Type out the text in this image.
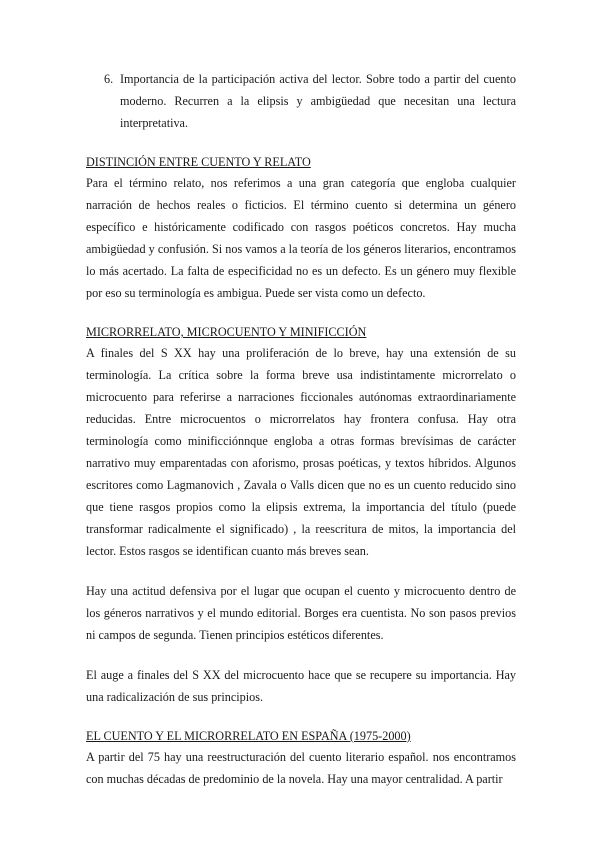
6. Importancia de la participación activa del lector. Sobre todo a partir del cuento moderno. Recurren a la elipsis y ambigüedad que necesitan una lectura interpretativa.
DISTINCIÓN ENTRE CUENTO Y RELATO

Para el término relato, nos referimos a una gran categoría que engloba cualquier narración de hechos reales o ficticios. El término cuento si determina un género específico e históricamente codificado con rasgos poéticos concretos. Hay mucha ambigüedad y confusión. Si nos vamos a la teoría de los géneros literarios, encontramos lo más acertado. La falta de especificidad no es un defecto. Es un género muy flexible por eso su terminología es ambigua. Puede ser vista como un defecto.

MICRORRELATO, MICROCUENTO Y MINIFICCIÓN

A finales del S XX hay una proliferación de lo breve, hay una extensión de su terminología. La crítica sobre la forma breve usa indistintamente microrrelato o microcuento para referirse a narraciones ficcionales autónomas extraordinariamente reducidas. Entre microcuentos o microrrelatos hay frontera confusa. Hay otra terminología como minificciónnque engloba a otras formas brevísimas de carácter narrativo muy emparentadas con aforismo, prosas poéticas, y textos híbridos. Algunos escritores como Lagmanovich , Zavala o Valls dicen que no es un cuento reducido sino que tiene rasgos propios como la elipsis extrema, la importancia del título (puede transformar radicalmente el significado) , la reescritura de mitos, la importancia del lector. Estos rasgos se identifican cuanto más breves sean.

Hay una actitud defensiva por el lugar que ocupan el cuento y microcuento dentro de los géneros narrativos y el mundo editorial. Borges era cuentista. No son pasos previos ni campos de segunda. Tienen principios estéticos diferentes.

El auge a finales del S XX del microcuento hace que se recupere su importancia. Hay una radicalización de sus principios.

EL CUENTO Y EL MICRORRELATO EN ESPAÑA (1975-2000)

A partir del 75 hay una reestructuración del cuento literario español. nos encontramos con muchas décadas de predominio de la novela. Hay una mayor centralidad. A partir
